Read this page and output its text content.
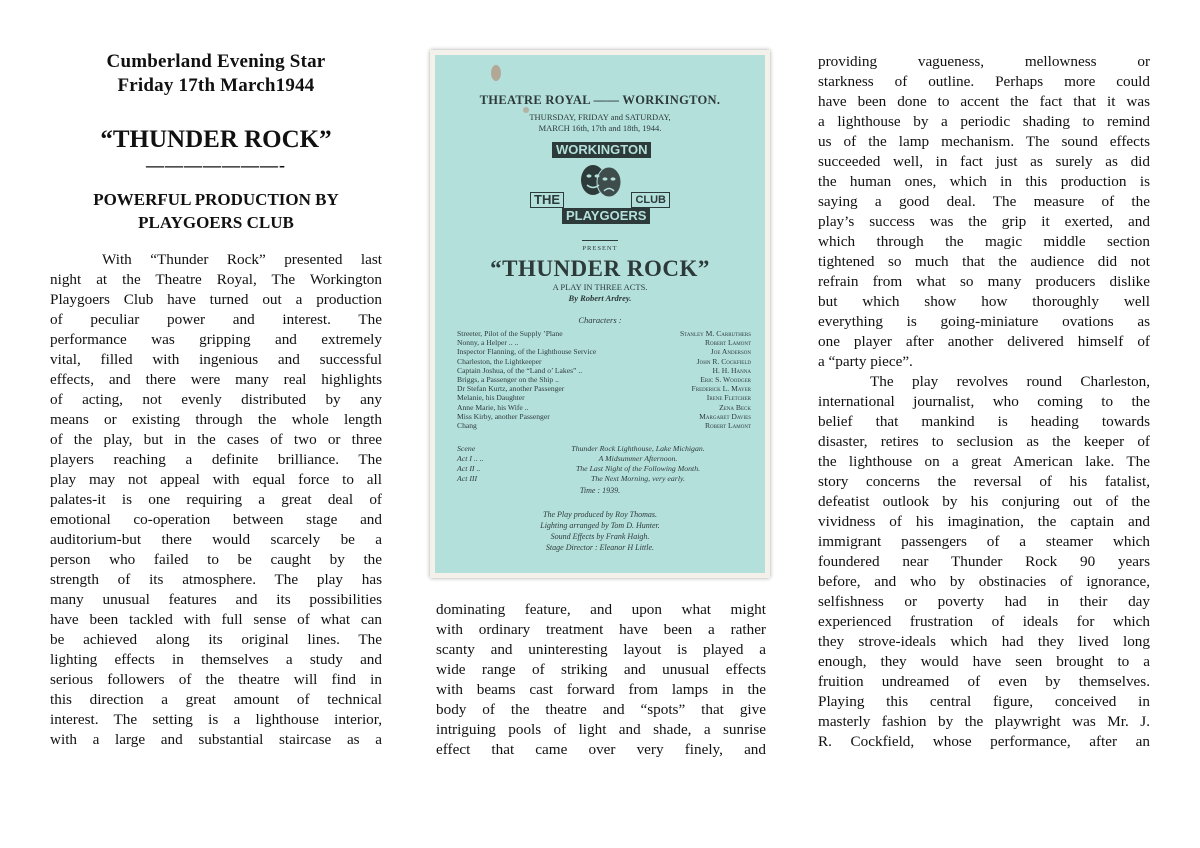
Cumberland Evening Star
Friday 17th March1944
“THUNDER ROCK”
———————-
POWERFUL PRODUCTION BY
PLAYGOERS CLUB

With “Thunder Rock” presented last
night at the Theatre Royal, The Workington
Playgoers Club have turned out a production
of peculiar power and interest. The
performance was gripping and extremely
vital, filled with ingenious and successful
effects, and there were many real highlights
of acting, not evenly distributed by any
means or existing through the whole length
of the play, but in the cases of two or three
players reaching a definite brilliance. The
play may not appeal with equal force to all
palates-it is one requiring a great deal of
emotional co-operation between stage and
auditorium-but there would scarcely be a
person who failed to be caught by the
strength of its atmosphere. The play has
many unusual features and its possibilities
have been tackled with full sense of what can
be achieved along its original lines. The
lighting effects in themselves a study and
serious followers of the theatre will find in
this direction a great amount of technical
interest. The setting is a lighthouse interior,
with a large and substantial staircase as a

THEATRE ROYAL —— WORKINGTON.
THURSDAY, FRIDAY and SATURDAY,
MARCH 16th, 17th and 18th, 1944.
WORKINGTON
THE	CLUB
PLAYGOERS
PRESENT
“THUNDER ROCK”
A PLAY IN THREE ACTS.
By Robert Ardrey.
Characters :
Streeter, Pilot of the Supply ’Plane	Stanley M. Carruthers
Nonny, a Helper .. ..	Robert Lamont
Inspector Flanning, of the Lighthouse Service	Joe Anderson
Charleston, the Lightkeeper	John R. Cockfield
Captain Joshua, of the “Land o’ Lakes” ..	H. H. Hanna
Briggs, a Passenger on the Ship ..	Eric S. Woodger
Dr Stefan Kurtz, another Passenger	Frederick L. Mayer
Melanie, his Daughter	Irene Fletcher
Anne Marie, his Wife ..	Zena Beck
Miss Kirby, another Passenger	Margaret Davies
Chang	Robert Lamont
Scene	Thunder Rock Lighthouse, Lake Michigan.
Act I .. ..	A Midsummer Afternoon.
Act II ..	The Last Night of the Following Month.
Act III	The Next Morning, very early.
Time : 1939.
The Play produced by Roy Thomas.
Lighting arranged by Tom D. Hunter.
Sound Effects by Frank Haigh.
Stage Director : Eleanor H Little.

dominating feature, and upon what might
with ordinary treatment have been a rather
scanty and uninteresting layout is played a
wide range of striking and unusual effects
with beams cast forward from lamps in the
body of the theatre and “spots” that give
intriguing pools of light and shade, a sunrise
effect that came over very finely, and

providing vagueness, mellowness or
starkness of outline. Perhaps more could
have been done to accent the fact that it was
a lighthouse by a periodic shading to remind
us of the lamp mechanism. The sound effects
succeeded well, in fact just as surely as did
the human ones, which in this production is
saying a good deal. The measure of the
play’s success was the grip it exerted, and
which through the magic middle section
tightened so much that the audience did not
refrain from what so many producers dislike
but which show how thoroughly well
everything is going-miniature ovations as
one player after another delivered himself of
a “party piece”.

The play revolves round Charleston,
international journalist, who coming to the
belief that mankind is heading towards
disaster, retires to seclusion as the keeper of
the lighthouse on a great American lake. The
story concerns the reversal of his fatalist,
defeatist outlook by his conjuring out of the
vividness of his imagination, the captain and
immigrant passengers of a steamer which
foundered near Thunder Rock 90 years
before, and who by obstinacies of ignorance,
selfishness or poverty had in their day
experienced frustration of ideals for which
they strove-ideals which had they lived long
enough, they would have seen brought to a
fruition undreamed of even by themselves.
Playing this central figure, conceived in
masterly fashion by the playwright was Mr. J.
R. Cockfield, whose performance, after an
